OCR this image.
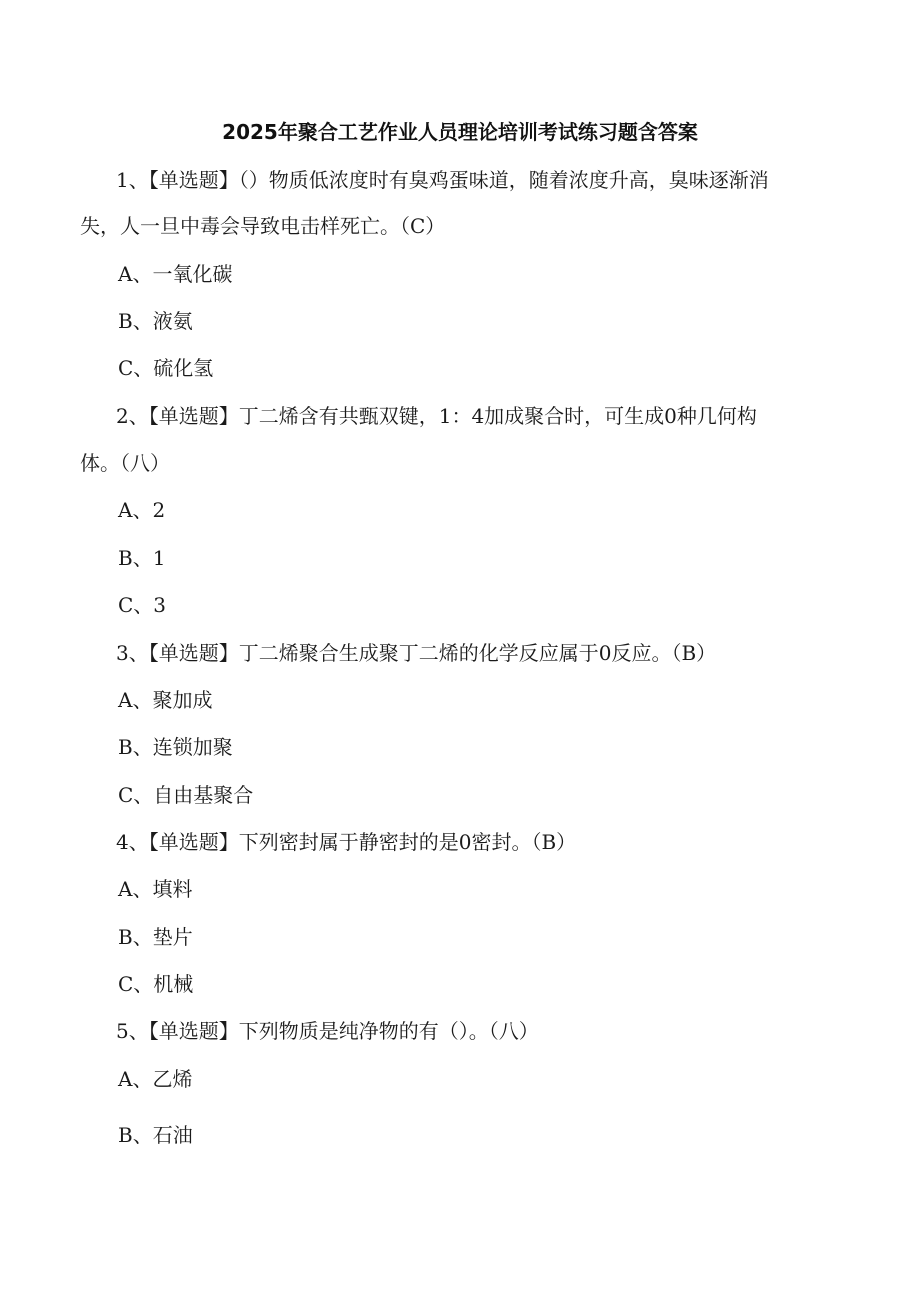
2025年聚合工艺作业人员理论培训考试练习题含答案
1、【单选题】（）物质低浓度时有臭鸡蛋味道，随着浓度升高，臭味逐渐消
失，人一旦中毒会导致电击样死亡。（C）
A、一氧化碳
B、液氨
C、硫化氢
2、【单选题】丁二烯含有共甄双键，1：4加成聚合时，可生成0种几何构
体。（八）
A、2
B、1
C、3
3、【单选题】丁二烯聚合生成聚丁二烯的化学反应属于0反应。（B）
A、聚加成
B、连锁加聚
C、自由基聚合
4、【单选题】下列密封属于静密封的是0密封。（B）
A、填料
B、垫片
C、机械
5、【单选题】下列物质是纯净物的有（）。（八）
A、乙烯
B、石油
